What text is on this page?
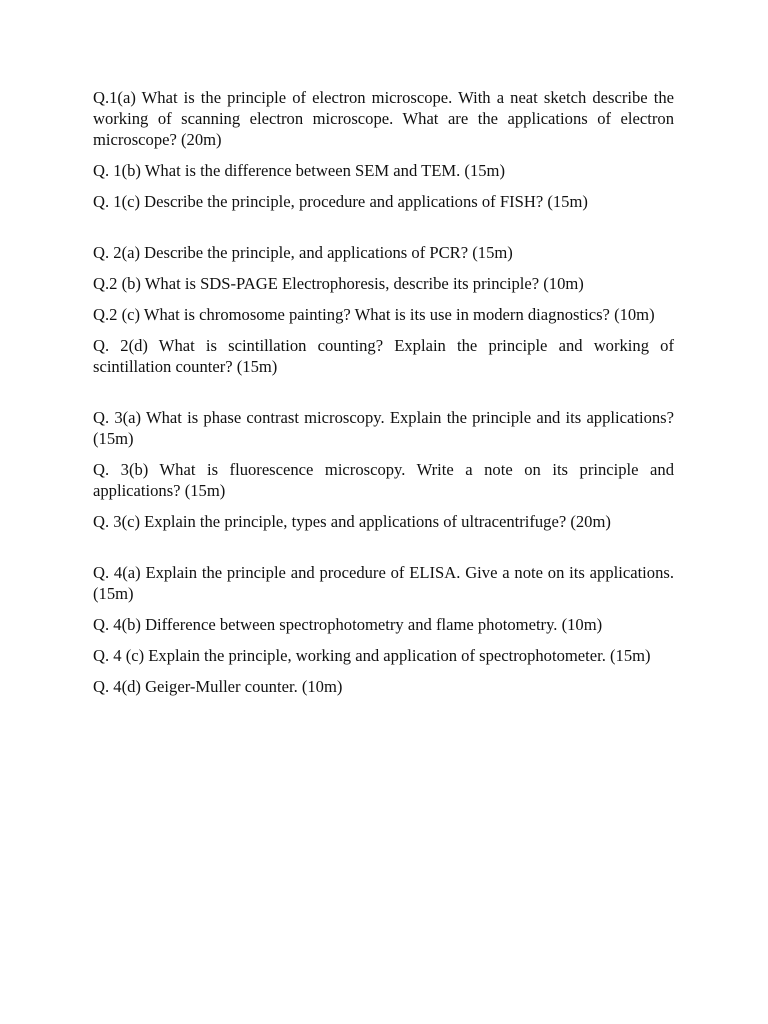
Q.1(a) What is the principle of electron microscope. With a neat sketch describe the working of scanning electron microscope. What are the applications of electron microscope? (20m)

Q. 1(b) What is the difference between SEM and TEM. (15m)

Q. 1(c) Describe the principle, procedure and applications of FISH? (15m)

Q. 2(a) Describe the principle, and applications of PCR? (15m)

Q.2 (b) What is SDS-PAGE Electrophoresis, describe its principle? (10m)

Q.2 (c) What is chromosome painting? What is its use in modern diagnostics? (10m)

Q. 2(d) What is scintillation counting? Explain the principle and working of scintillation counter? (15m)

Q. 3(a) What is phase contrast microscopy. Explain the principle and its applications? (15m)

Q. 3(b) What is fluorescence microscopy. Write a note on its principle and applications? (15m)

Q. 3(c) Explain the principle, types and applications of ultracentrifuge? (20m)

Q. 4(a) Explain the principle and procedure of ELISA. Give a note on its applications. (15m)

Q. 4(b) Difference between spectrophotometry and flame photometry. (10m)

Q. 4 (c) Explain the principle, working and application of spectrophotometer. (15m)

Q. 4(d) Geiger-Muller counter. (10m)
